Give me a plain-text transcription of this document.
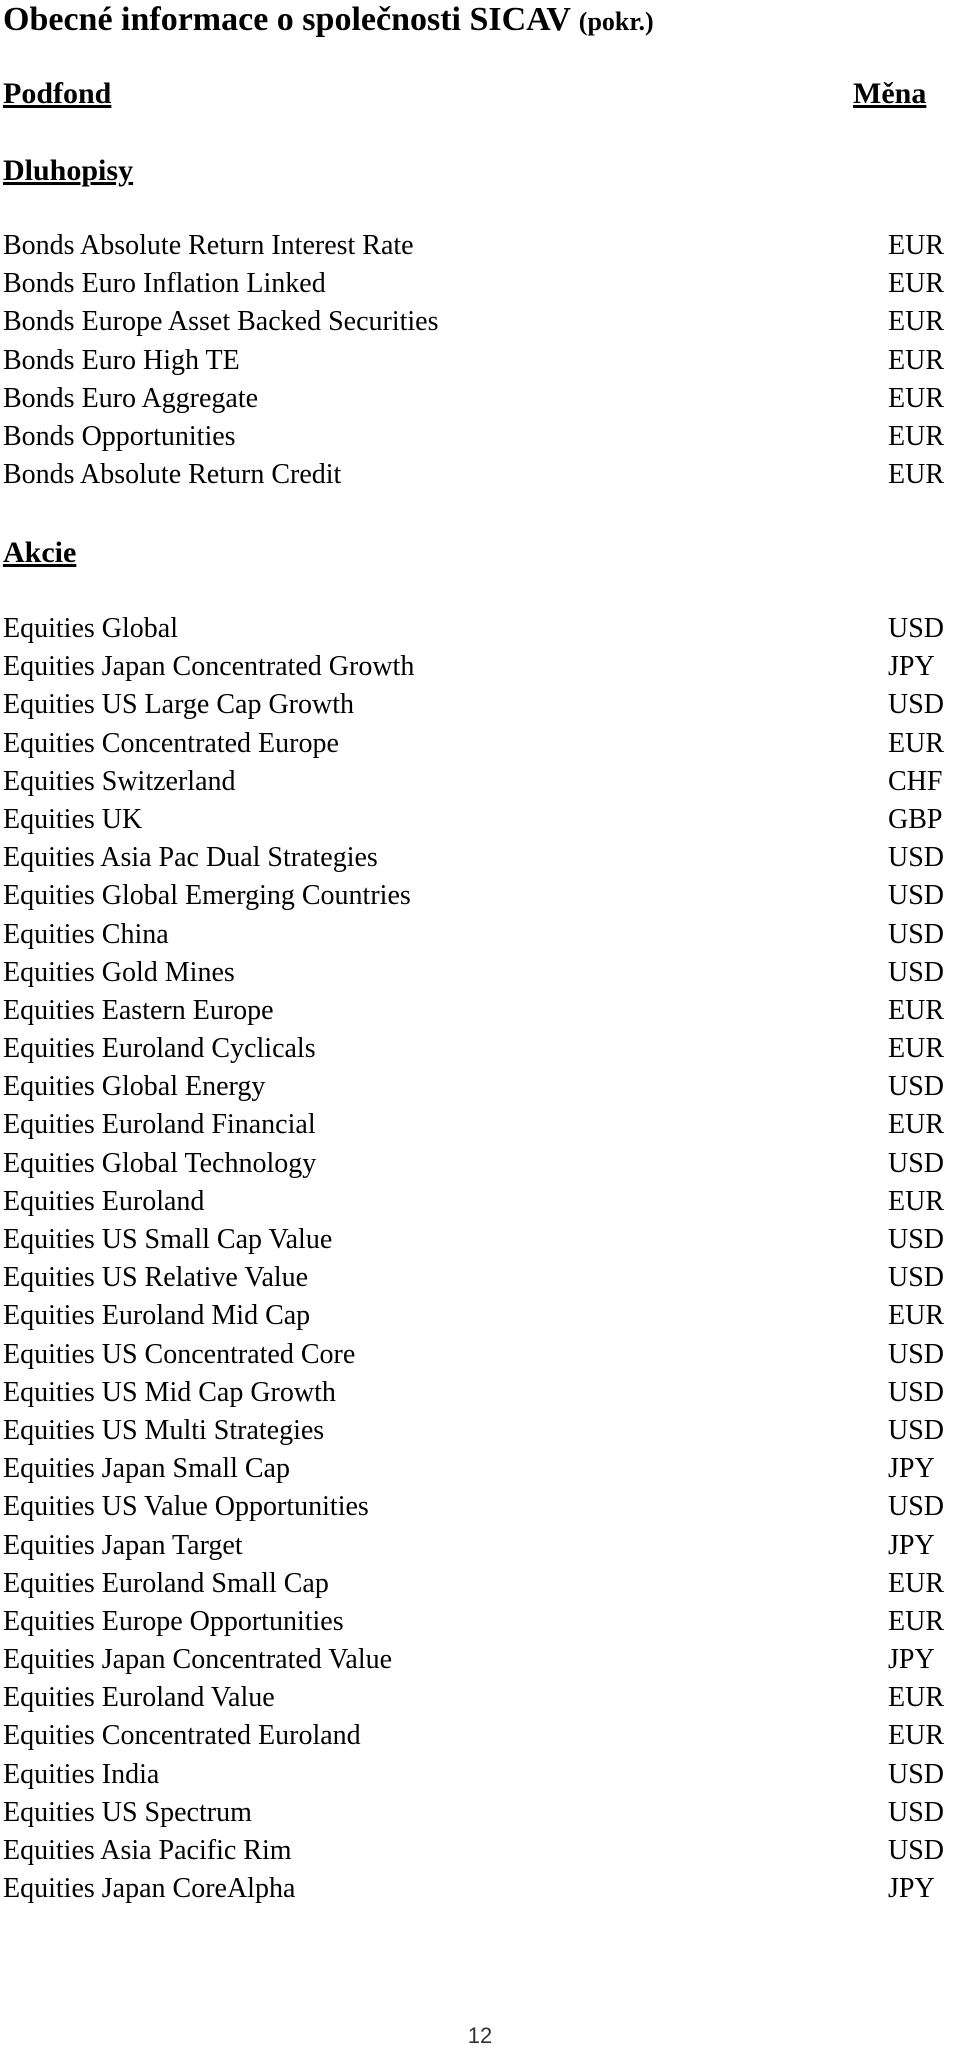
Obecné informace o společnosti SICAV (pokr.)
Podfond	Měna
Dluhopisy
Bonds Absolute Return Interest Rate	EUR
Bonds Euro Inflation Linked	EUR
Bonds Europe Asset Backed Securities	EUR
Bonds Euro High TE	EUR
Bonds Euro Aggregate	EUR
Bonds Opportunities	EUR
Bonds Absolute Return Credit	EUR
Akcie
Equities Global	USD
Equities Japan Concentrated Growth	JPY
Equities US Large Cap Growth	USD
Equities Concentrated Europe	EUR
Equities Switzerland	CHF
Equities UK	GBP
Equities Asia Pac Dual Strategies	USD
Equities Global Emerging Countries	USD
Equities China	USD
Equities Gold Mines	USD
Equities Eastern Europe	EUR
Equities Euroland Cyclicals	EUR
Equities Global Energy	USD
Equities Euroland Financial	EUR
Equities Global Technology	USD
Equities Euroland	EUR
Equities US Small Cap Value	USD
Equities US Relative Value	USD
Equities Euroland Mid Cap	EUR
Equities US Concentrated Core	USD
Equities US Mid Cap Growth	USD
Equities US Multi Strategies	USD
Equities Japan Small Cap	JPY
Equities US Value Opportunities	USD
Equities Japan Target	JPY
Equities Euroland Small Cap	EUR
Equities Europe Opportunities	EUR
Equities Japan Concentrated Value	JPY
Equities Euroland Value	EUR
Equities Concentrated Euroland	EUR
Equities India	USD
Equities US Spectrum	USD
Equities Asia Pacific Rim	USD
Equities Japan CoreAlpha	JPY
12
